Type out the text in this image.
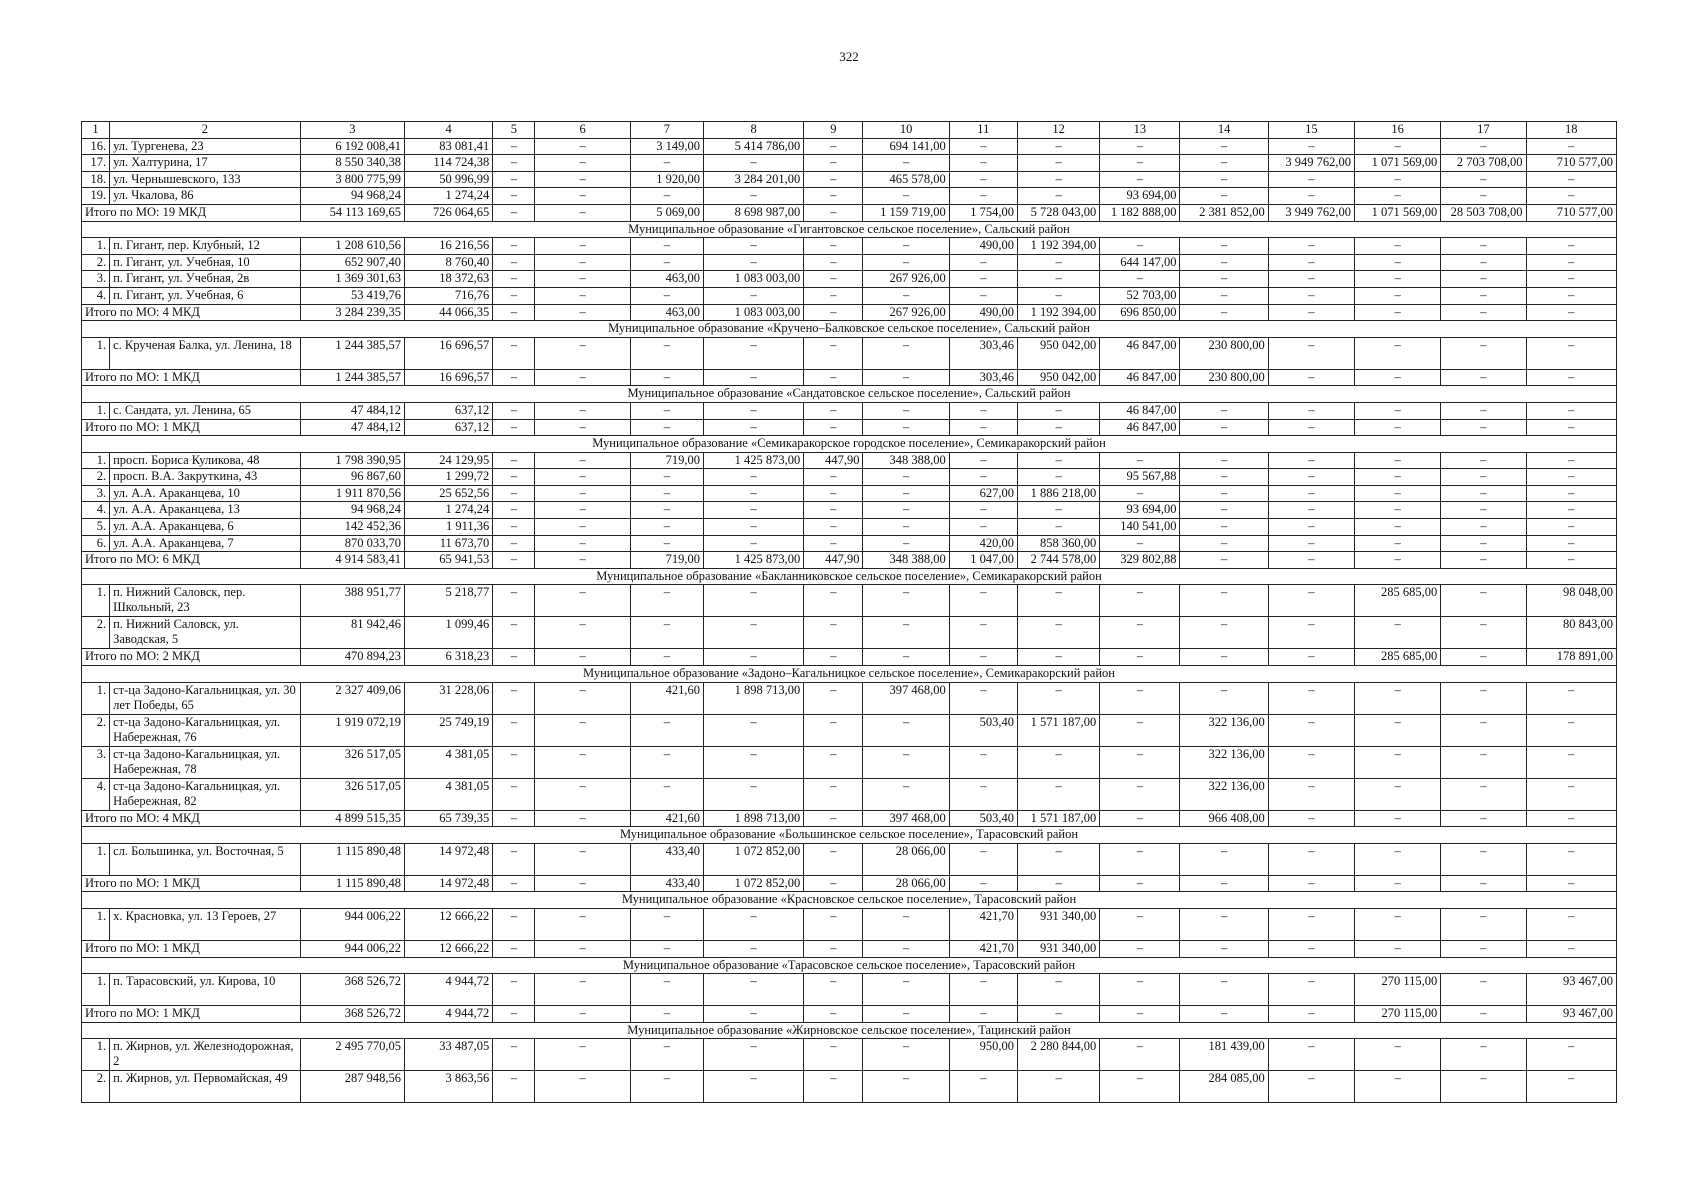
322
1	2	3	4	5	6	7	8	9	10	11	12	13	14	15	16	17	18
16.	ул. Тургенева, 23	6 192 008,41	83 081,41	–	–	3 149,00	5 414 786,00	–	694 141,00	–	–	–	–	–	–	–	–
17.	ул. Халтурина, 17	8 550 340,38	114 724,38	–	–	–	–	–	–	–	–	–	–	3 949 762,00	1 071 569,00	2 703 708,00	710 577,00
18.	ул. Чернышевского, 133	3 800 775,99	50 996,99	–	–	1 920,00	3 284 201,00	–	465 578,00	–	–	–	–	–	–	–	–
19.	ул. Чкалова, 86	94 968,24	1 274,24	–	–	–	–	–	–	–	–	93 694,00	–	–	–	–	–
Итого по МО: 19 МКД		54 113 169,65	726 064,65	–	–	5 069,00	8 698 987,00	–	1 159 719,00	1 754,00	5 728 043,00	1 182 888,00	2 381 852,00	3 949 762,00	1 071 569,00	28 503 708,00	710 577,00
Муниципальное образование «Гигантовское сельское поселение», Сальский район																	
1.	п. Гигант, пер. Клубный, 12	1 208 610,56	16 216,56	–	–	–	–	–	–	490,00	1 192 394,00	–	–	–	–	–	–
2.	п. Гигант, ул. Учебная, 10	652 907,40	8 760,40	–	–	–	–	–	–	–	–	644 147,00	–	–	–	–	–
3.	п. Гигант, ул. Учебная, 2в	1 369 301,63	18 372,63	–	–	463,00	1 083 003,00	–	267 926,00	–	–	–	–	–	–	–	–
4.	п. Гигант, ул. Учебная, 6	53 419,76	716,76	–	–	–	–	–	–	–	–	52 703,00	–	–	–	–	–
Итого по МО: 4 МКД		3 284 239,35	44 066,35	–	–	463,00	1 083 003,00	–	267 926,00	490,00	1 192 394,00	696 850,00	–	–	–	–	–
Муниципальное образование «Кручено–Балковское сельское поселение», Сальский район																	
1.	с. Крученая Балка, ул. Ленина, 18	1 244 385,57	16 696,57	–	–	–	–	–	–	303,46	950 042,00	46 847,00	230 800,00	–	–	–	–
Итого по МО: 1 МКД		1 244 385,57	16 696,57	–	–	–	–	–	–	303,46	950 042,00	46 847,00	230 800,00	–	–	–	–
Муниципальное образование «Сандатовское сельское поселение», Сальский район																	
1.	с. Сандата, ул. Ленина, 65	47 484,12	637,12	–	–	–	–	–	–	–	–	46 847,00	–	–	–	–	–
Итого по МО: 1 МКД		47 484,12	637,12	–	–	–	–	–	–	–	–	46 847,00	–	–	–	–	–
Муниципальное образование «Семикаракорское городское поселение», Семикаракорский район																	
1.	просп. Бориса Куликова, 48	1 798 390,95	24 129,95	–	–	719,00	1 425 873,00	447,90	348 388,00	–	–	–	–	–	–	–	–
2.	просп. В.А. Закруткина, 43	96 867,60	1 299,72	–	–	–	–	–	–	–	–	95 567,88	–	–	–	–	–
3.	ул. А.А. Араканцева, 10	1 911 870,56	25 652,56	–	–	–	–	–	–	627,00	1 886 218,00	–	–	–	–	–	–
4.	ул. А.А. Араканцева, 13	94 968,24	1 274,24	–	–	–	–	–	–	–	–	93 694,00	–	–	–	–	–
5.	ул. А.А. Араканцева, 6	142 452,36	1 911,36	–	–	–	–	–	–	–	–	140 541,00	–	–	–	–	–
6.	ул. А.А. Араканцева, 7	870 033,70	11 673,70	–	–	–	–	–	–	420,00	858 360,00	–	–	–	–	–	–
Итого по МО: 6 МКД		4 914 583,41	65 941,53	–	–	719,00	1 425 873,00	447,90	348 388,00	1 047,00	2 744 578,00	329 802,88	–	–	–	–	–
Муниципальное образование «Бакланниковское сельское поселение», Семикаракорский район																	
1.	п. Нижний Саловск, пер. Школьный, 23	388 951,77	5 218,77	–	–	–	–	–	–	–	–	–	–	–	285 685,00	–	98 048,00
2.	п. Нижний Саловск, ул. Заводская, 5	81 942,46	1 099,46	–	–	–	–	–	–	–	–	–	–	–	–	–	80 843,00
Итого по МО: 2 МКД		470 894,23	6 318,23	–	–	–	–	–	–	–	–	–	–	–	285 685,00	–	178 891,00
Муниципальное образование «Задоно–Кагальницкое сельское поселение», Семикаракорский район																	
1.	ст-ца Задоно-Кагальницкая, ул. 30 лет Победы, 65	2 327 409,06	31 228,06	–	–	421,60	1 898 713,00	–	397 468,00	–	–	–	–	–	–	–	–
2.	ст-ца Задоно-Кагальницкая, ул. Набережная, 76	1 919 072,19	25 749,19	–	–	–	–	–	–	503,40	1 571 187,00	–	322 136,00	–	–	–	–
3.	ст-ца Задоно-Кагальницкая, ул. Набережная, 78	326 517,05	4 381,05	–	–	–	–	–	–	–	–	–	322 136,00	–	–	–	–
4.	ст-ца Задоно-Кагальницкая, ул. Набережная, 82	326 517,05	4 381,05	–	–	–	–	–	–	–	–	–	322 136,00	–	–	–	–
Итого по МО: 4 МКД		4 899 515,35	65 739,35	–	–	421,60	1 898 713,00	–	397 468,00	503,40	1 571 187,00	–	966 408,00	–	–	–	–
Муниципальное образование «Большинское сельское поселение», Тарасовский район																	
1.	сл. Большинка, ул. Восточная, 5	1 115 890,48	14 972,48	–	–	433,40	1 072 852,00	–	28 066,00	–	–	–	–	–	–	–	–
Итого по МО: 1 МКД		1 115 890,48	14 972,48	–	–	433,40	1 072 852,00	–	28 066,00	–	–	–	–	–	–	–	–
Муниципальное образование «Красновское сельское поселение», Тарасовский район																	
1.	х. Красновка, ул. 13 Героев, 27	944 006,22	12 666,22	–	–	–	–	–	–	421,70	931 340,00	–	–	–	–	–	–
Итого по МО: 1 МКД		944 006,22	12 666,22	–	–	–	–	–	–	421,70	931 340,00	–	–	–	–	–	–
Муниципальное образование «Тарасовское сельское поселение», Тарасовский район																	
1.	п. Тарасовский, ул. Кирова, 10	368 526,72	4 944,72	–	–	–	–	–	–	–	–	–	–	–	270 115,00	–	93 467,00
Итого по МО: 1 МКД		368 526,72	4 944,72	–	–	–	–	–	–	–	–	–	–	–	270 115,00	–	93 467,00
Муниципальное образование «Жирновское сельское поселение», Тацинский район																	
1.	п. Жирнов, ул. Железнодорожная, 2	2 495 770,05	33 487,05	–	–	–	–	–	–	950,00	2 280 844,00	–	181 439,00	–	–	–	–
2.	п. Жирнов, ул. Первомайская, 49	287 948,56	3 863,56	–	–	–	–	–	–	–	–	–	284 085,00	–	–	–	–
